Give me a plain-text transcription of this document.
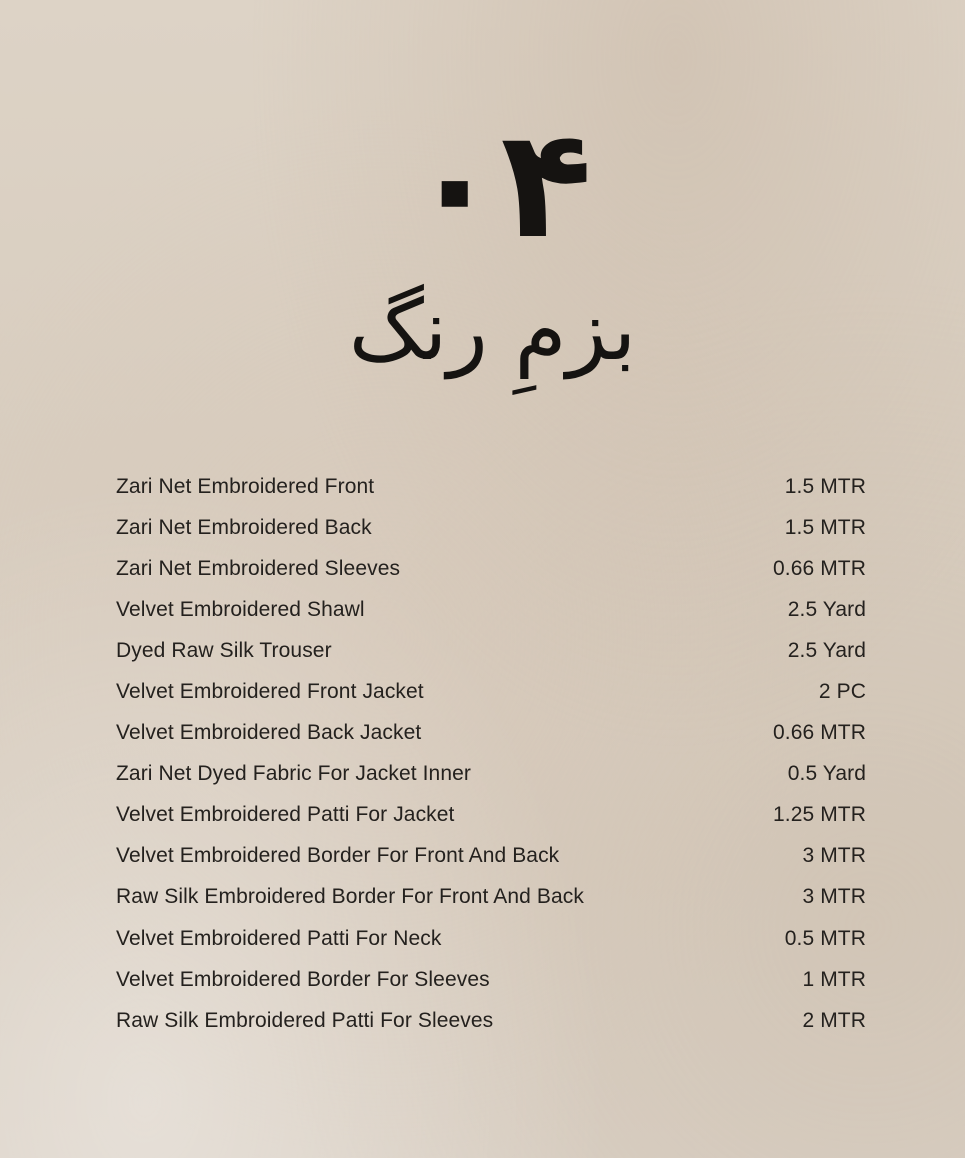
۰۴
بزمِ رنگ
Zari Net Embroidered Front	1.5 MTR
Zari Net Embroidered Back	1.5 MTR
Zari Net Embroidered Sleeves	0.66 MTR
Velvet Embroidered Shawl	2.5 Yard
Dyed Raw Silk Trouser	2.5 Yard
Velvet Embroidered Front Jacket	2 PC
Velvet Embroidered Back Jacket	0.66 MTR
Zari Net Dyed Fabric For Jacket Inner	0.5 Yard
Velvet Embroidered Patti For Jacket	1.25 MTR
Velvet Embroidered Border For Front And Back	3 MTR
Raw Silk Embroidered Border For Front And Back	3 MTR
Velvet Embroidered Patti For Neck	0.5 MTR
Velvet Embroidered Border For Sleeves	1 MTR
Raw Silk Embroidered Patti For Sleeves	2 MTR
